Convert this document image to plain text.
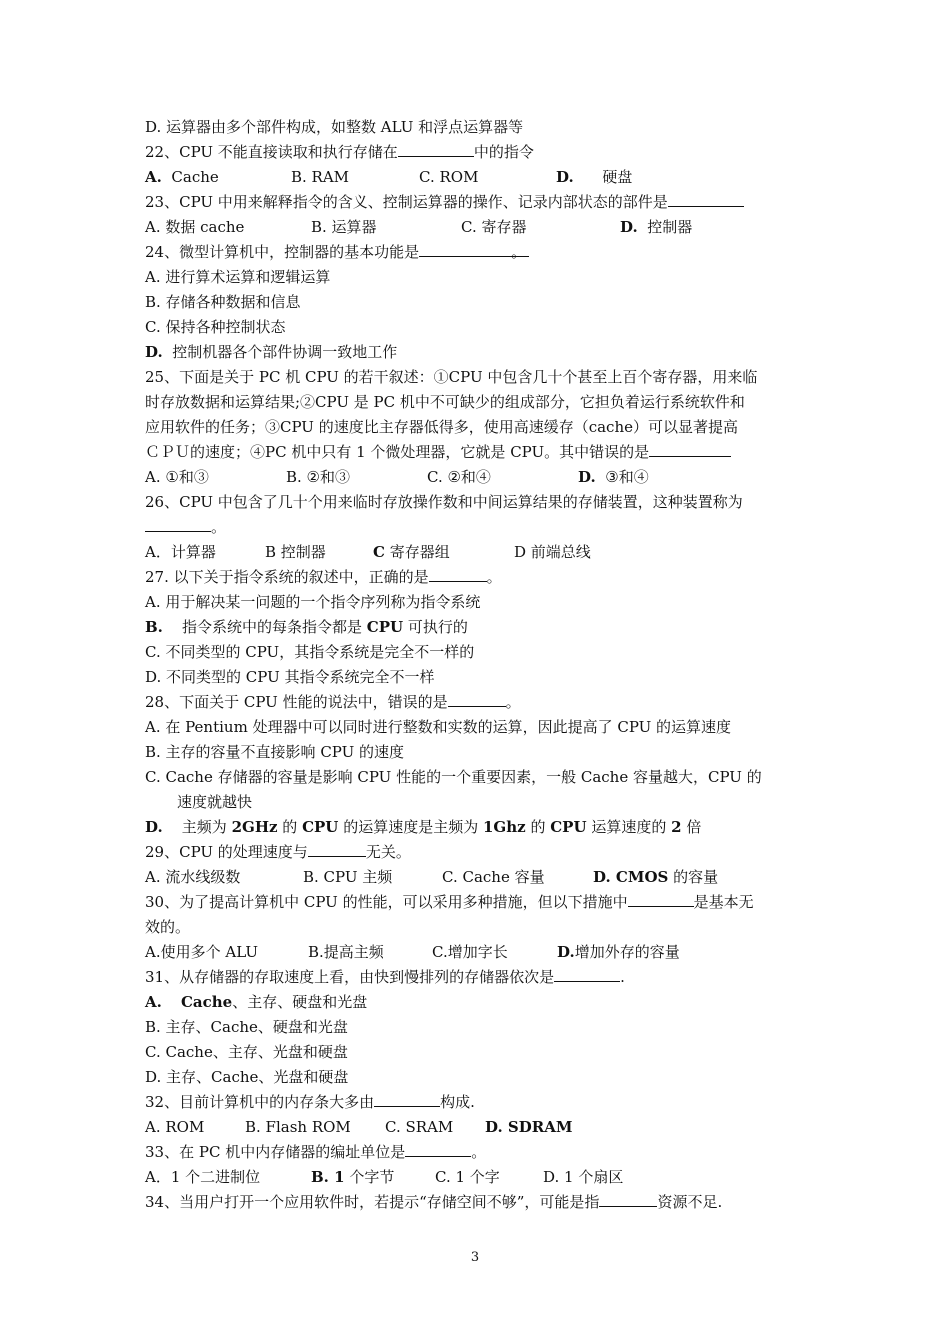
D. 运算器由多个部件构成，如整数 ALU 和浮点运算器等
22、CPU 不能直接读取和执行存储在	中的指令
A. Cache	B. RAM	C. ROM	D. 硬盘
23、CPU 中用来解释指令的含义、控制运算器的操作、记录内部状态的部件是
A. 数据 cache	B. 运算器	C. 寄存器	D. 控制器
24、微型计算机中，控制器的基本功能是	。
A. 进行算术运算和逻辑运算
B. 存储各种数据和信息
C. 保持各种控制状态
D. 控制机器各个部件协调一致地工作
25、下面是关于 PC 机 CPU 的若干叙述：①CPU 中包含几十个甚至上百个寄存器，用来临
时存放数据和运算结果;②CPU 是 PC 机中不可缺少的组成部分，它担负着运行系统软件和
应用软件的任务；③CPU 的速度比主存器低得多，使用高速缓存（cache）可以显著提高
ＣＰＵ的速度；④PC 机中只有 1 个微处理器，它就是 CPU。其中错误的是
A. ①和③	B. ②和③	C. ②和④	D. ③和④
26、CPU 中包含了几十个用来临时存放操作数和中间运算结果的存储装置，这种装置称为
。
A．计算器	B 控制器	C 寄存器组	D 前端总线
27. 以下关于指令系统的叙述中，正确的是	。
A. 用于解决某一问题的一个指令序列称为指令系统
B. 指令系统中的每条指令都是 CPU 可执行的
C. 不同类型的 CPU，其指令系统是完全不一样的
D. 不同类型的 CPU 其指令系统完全不一样
28、下面关于 CPU 性能的说法中，错误的是	。
A. 在 Pentium 处理器中可以同时进行整数和实数的运算，因此提高了 CPU 的运算速度
B. 主存的容量不直接影响 CPU 的速度
C. Cache 存储器的容量是影响 CPU 性能的一个重要因素，一般 Cache 容量越大，CPU 的
速度就越快
D. 主频为 2GHz 的 CPU 的运算速度是主频为 1Ghz 的 CPU 运算速度的 2 倍
29、CPU 的处理速度与	无关。
A. 流水线级数	B. CPU 主频	C. Cache 容量	D. CMOS 的容量
30、为了提高计算机中 CPU 的性能，可以采用多种措施，但以下措施中	是基本无
效的。
A.使用多个 ALU	B.提高主频	C.增加字长	D.增加外存的容量
31、从存储器的存取速度上看，由快到慢排列的存储器依次是	.
A. Cache、主存、硬盘和光盘
B. 主存、Cache、硬盘和光盘
C. Cache、主存、光盘和硬盘
D. 主存、Cache、光盘和硬盘
32、目前计算机中的内存条大多由	构成.
A. ROM	B. Flash ROM C. SRAM D. SDRAM
33、在 PC 机中内存储器的编址单位是	。
A．1 个二进制位	B. 1 个字节	C. 1 个字	D. 1 个扇区
34、当用户打开一个应用软件时，若提示“存储空间不够”，可能是指	资源不足.
3
